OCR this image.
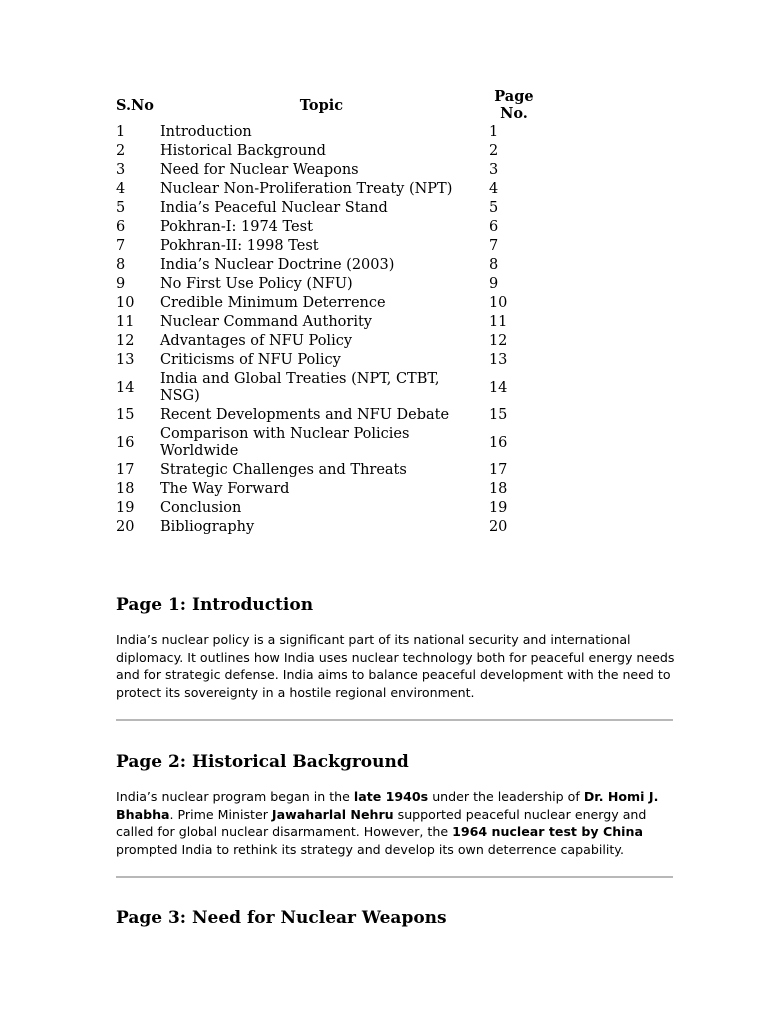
S.No	Topic	Page No.
1	Introduction	1
2	Historical Background	2
3	Need for Nuclear Weapons	3
4	Nuclear Non-Proliferation Treaty (NPT)	4
5	India’s Peaceful Nuclear Stand	5
6	Pokhran-I: 1974 Test	6
7	Pokhran-II: 1998 Test	7
8	India’s Nuclear Doctrine (2003)	8
9	No First Use Policy (NFU)	9
10	Credible Minimum Deterrence	10
11	Nuclear Command Authority	11
12	Advantages of NFU Policy	12
13	Criticisms of NFU Policy	13
14	India and Global Treaties (NPT, CTBT, NSG)	14
15	Recent Developments and NFU Debate	15
16	Comparison with Nuclear Policies Worldwide	16
17	Strategic Challenges and Threats	17
18	The Way Forward	18
19	Conclusion	19
20	Bibliography	20
Page 1: Introduction

India’s nuclear policy is a significant part of its national security and international diplomacy. It outlines how India uses nuclear technology both for peaceful energy needs and for strategic defense. India aims to balance peaceful development with the need to protect its sovereignty in a hostile regional environment.

Page 2: Historical Background

India’s nuclear program began in the late 1940s under the leadership of Dr. Homi J. Bhabha. Prime Minister Jawaharlal Nehru supported peaceful nuclear energy and called for global nuclear disarmament. However, the 1964 nuclear test by China prompted India to rethink its strategy and develop its own deterrence capability.

Page 3: Need for Nuclear Weapons
